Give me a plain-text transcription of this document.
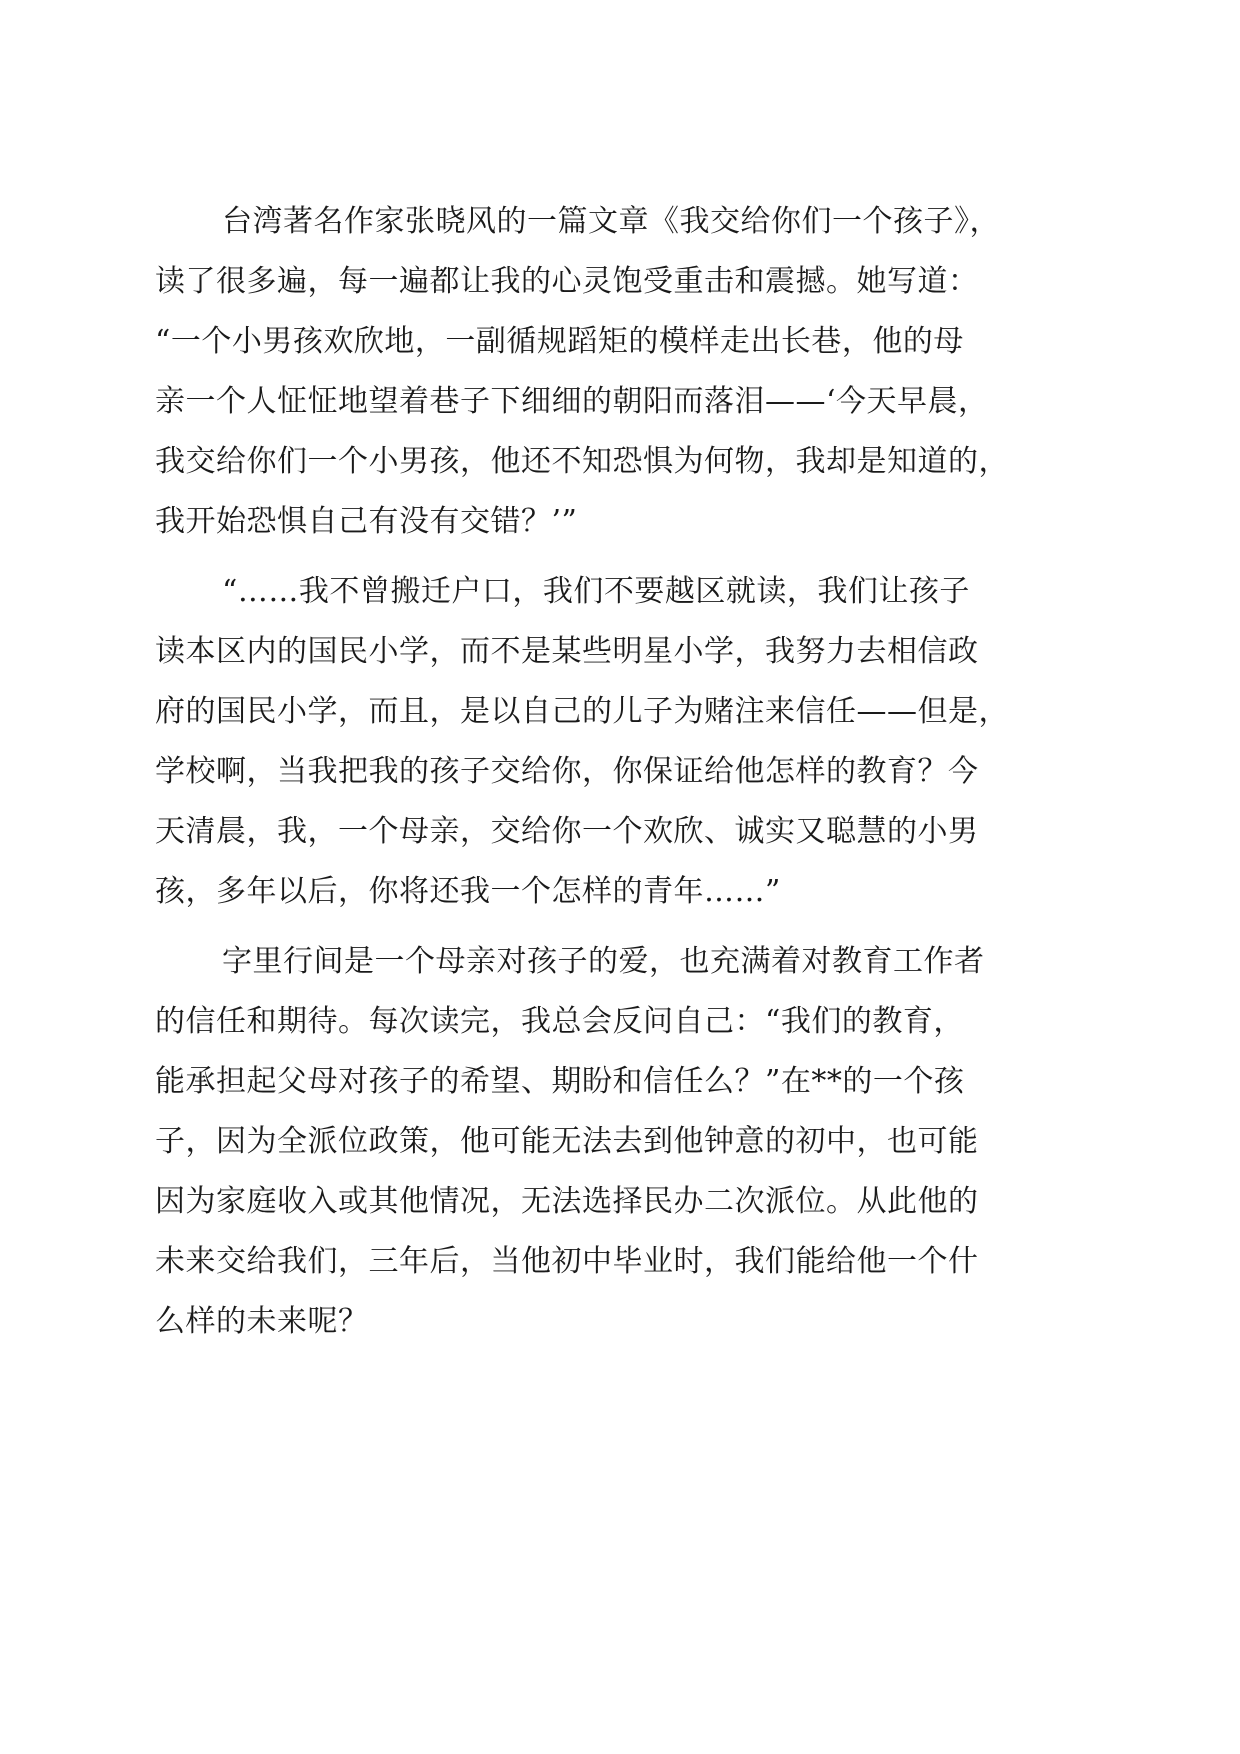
台湾著名作家张晓风的一篇文章《我交给你们一个孩子》，
读了很多遍，每一遍都让我的心灵饱受重击和震撼。她写道：
“一个小男孩欢欣地，一副循规蹈矩的模样走出长巷，他的母
亲一个人怔怔地望着巷子下细细的朝阳而落泪——‘今天早晨，
我交给你们一个小男孩，他还不知恐惧为何物，我却是知道的，
我开始恐惧自己有没有交错？’”
“……我不曾搬迁户口，我们不要越区就读，我们让孩子
读本区内的国民小学，而不是某些明星小学，我努力去相信政
府的国民小学，而且，是以自己的儿子为赌注来信任——但是，
学校啊，当我把我的孩子交给你，你保证给他怎样的教育？今
天清晨，我，一个母亲，交给你一个欢欣、诚实又聪慧的小男
孩，多年以后，你将还我一个怎样的青年……”
字里行间是一个母亲对孩子的爱，也充满着对教育工作者
的信任和期待。每次读完，我总会反问自己：“我们的教育，
能承担起父母对孩子的希望、期盼和信任么？”在**的一个孩
子，因为全派位政策，他可能无法去到他钟意的初中，也可能
因为家庭收入或其他情况，无法选择民办二次派位。从此他的
未来交给我们，三年后，当他初中毕业时，我们能给他一个什
么样的未来呢？
